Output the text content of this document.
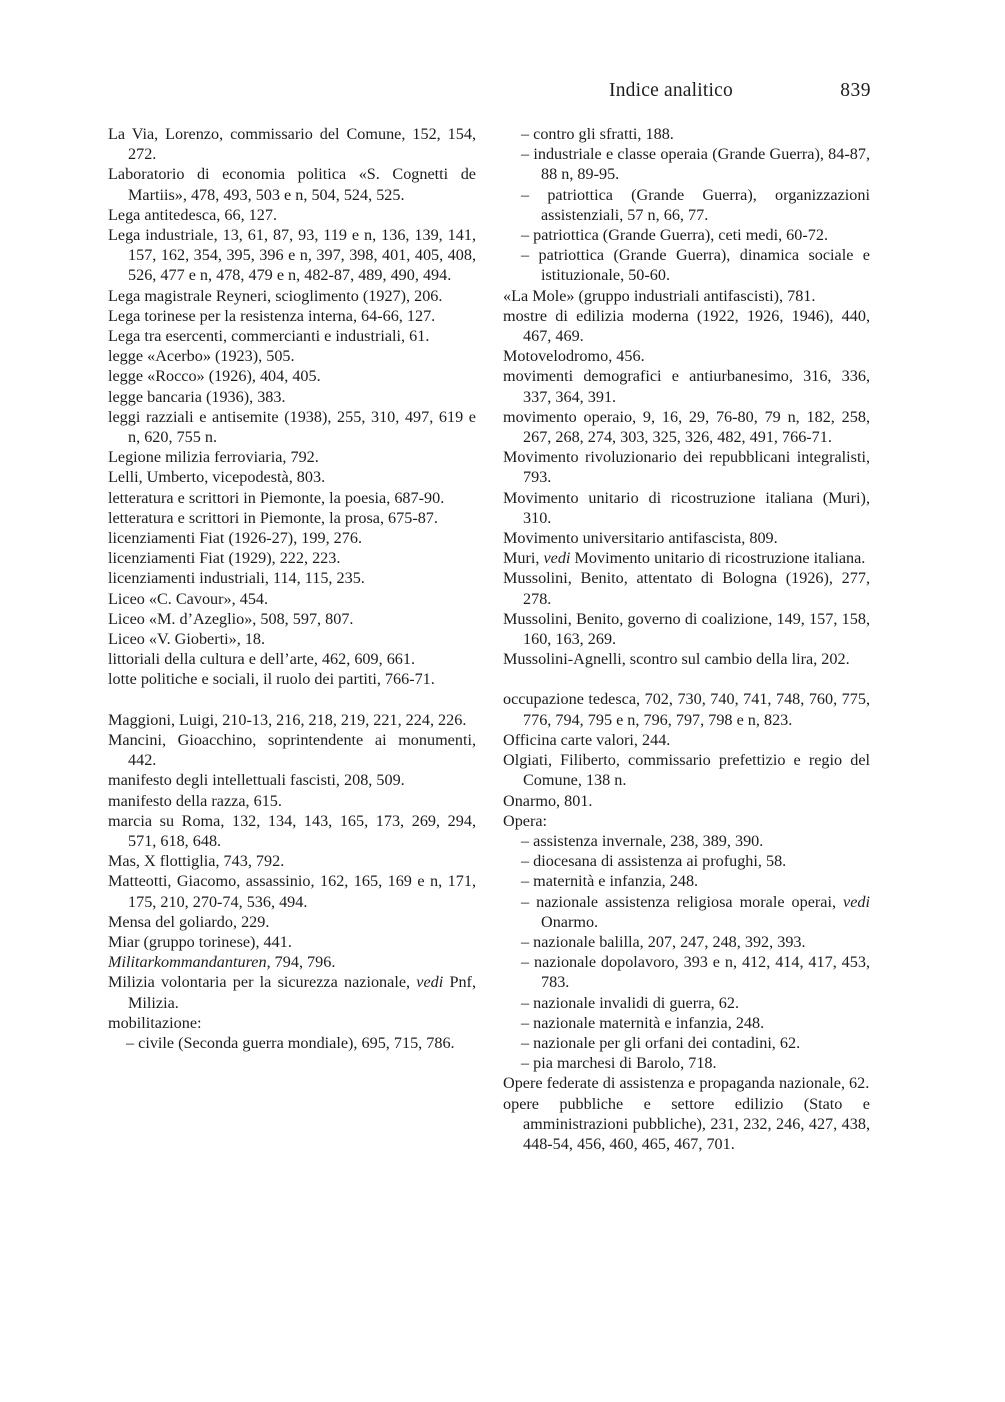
Indice analitico	839

La Via, Lorenzo, commissario del Comune, 152, 154, 272.

Laboratorio di economia politica «S. Cognetti de Martiis», 478, 493, 503 e n, 504, 524, 525.

Lega antitedesca, 66, 127.

Lega industriale, 13, 61, 87, 93, 119 e n, 136, 139, 141, 157, 162, 354, 395, 396 e n, 397, 398, 401, 405, 408, 526, 477 e n, 478, 479 e n, 482-87, 489, 490, 494.

Lega magistrale Reyneri, scioglimento (1927), 206.

Lega torinese per la resistenza interna, 64-66, 127.

Lega tra esercenti, commercianti e industriali, 61.

legge «Acerbo» (1923), 505.

legge «Rocco» (1926), 404, 405.

legge bancaria (1936), 383.

leggi razziali e antisemite (1938), 255, 310, 497, 619 e n, 620, 755 n.

Legione milizia ferroviaria, 792.

Lelli, Umberto, vicepodestà, 803.

letteratura e scrittori in Piemonte, la poesia, 687-90.

letteratura e scrittori in Piemonte, la prosa, 675-87.

licenziamenti Fiat (1926-27), 199, 276.

licenziamenti Fiat (1929), 222, 223.

licenziamenti industriali, 114, 115, 235.

Liceo «C. Cavour», 454.

Liceo «M. d’Azeglio», 508, 597, 807.

Liceo «V. Gioberti», 18.

littoriali della cultura e dell’arte, 462, 609, 661.

lotte politiche e sociali, il ruolo dei partiti, 766-71.

Maggioni, Luigi, 210-13, 216, 218, 219, 221, 224, 226.

Mancini, Gioacchino, soprintendente ai monumenti, 442.

manifesto degli intellettuali fascisti, 208, 509.

manifesto della razza, 615.

marcia su Roma, 132, 134, 143, 165, 173, 269, 294, 571, 618, 648.

Mas, X flottiglia, 743, 792.

Matteotti, Giacomo, assassinio, 162, 165, 169 e n, 171, 175, 210, 270-74, 536, 494.

Mensa del goliardo, 229.

Miar (gruppo torinese), 441.

Militarkommandanturen, 794, 796.

Milizia volontaria per la sicurezza nazionale, vedi Pnf, Milizia.

mobilitazione:

– civile (Seconda guerra mondiale), 695, 715, 786.

– contro gli sfratti, 188.

– industriale e classe operaia (Grande Guerra), 84-87, 88 n, 89-95.

– patriottica (Grande Guerra), organizzazioni assistenziali, 57 n, 66, 77.

– patriottica (Grande Guerra), ceti medi, 60-72.

– patriottica (Grande Guerra), dinamica sociale e istituzionale, 50-60.

«La Mole» (gruppo industriali antifascisti), 781.

mostre di edilizia moderna (1922, 1926, 1946), 440, 467, 469.

Motovelodromo, 456.

movimenti demografici e antiurbanesimo, 316, 336, 337, 364, 391.

movimento operaio, 9, 16, 29, 76-80, 79 n, 182, 258, 267, 268, 274, 303, 325, 326, 482, 491, 766-71.

Movimento rivoluzionario dei repubblicani integralisti, 793.

Movimento unitario di ricostruzione italiana (Muri), 310.

Movimento universitario antifascista, 809.

Muri, vedi Movimento unitario di ricostruzione italiana.

Mussolini, Benito, attentato di Bologna (1926), 277, 278.

Mussolini, Benito, governo di coalizione, 149, 157, 158, 160, 163, 269.

Mussolini-Agnelli, scontro sul cambio della lira, 202.

occupazione tedesca, 702, 730, 740, 741, 748, 760, 775, 776, 794, 795 e n, 796, 797, 798 e n, 823.

Officina carte valori, 244.

Olgiati, Filiberto, commissario prefettizio e regio del Comune, 138 n.

Onarmo, 801.

Opera:

– assistenza invernale, 238, 389, 390.

– diocesana di assistenza ai profughi, 58.

– maternità e infanzia, 248.

– nazionale assistenza religiosa morale operai, vedi Onarmo.

– nazionale balilla, 207, 247, 248, 392, 393.

– nazionale dopolavoro, 393 e n, 412, 414, 417, 453, 783.

– nazionale invalidi di guerra, 62.

– nazionale maternità e infanzia, 248.

– nazionale per gli orfani dei contadini, 62.

– pia marchesi di Barolo, 718.

Opere federate di assistenza e propaganda nazionale, 62.

opere pubbliche e settore edilizio (Stato e amministrazioni pubbliche), 231, 232, 246, 427, 438, 448-54, 456, 460, 465, 467, 701.
